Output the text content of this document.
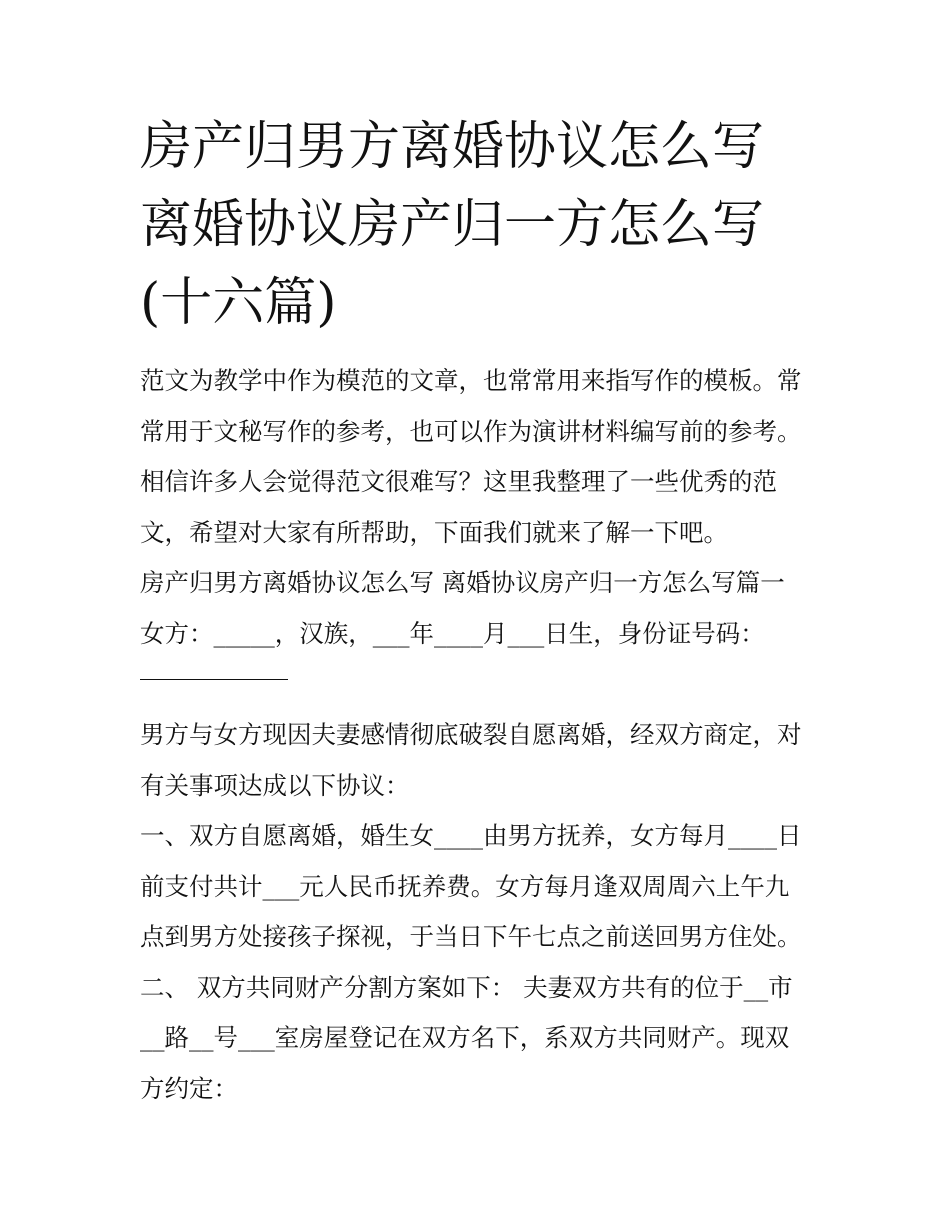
房产归男方离婚协议怎么写 离婚协议房产归一方怎么写(十六篇)

范文为教学中作为模范的文章，也常常用来指写作的模板。常常用于文秘写作的参考，也可以作为演讲材料编写前的参考。相信许多人会觉得范文很难写？这里我整理了一些优秀的范文，希望对大家有所帮助，下面我们就来了解一下吧。

房产归男方离婚协议怎么写 离婚协议房产归一方怎么写篇一

女方：_____，汉族，___年____月___日生，身份证号码：

男方与女方现因夫妻感情彻底破裂自愿离婚，经双方商定，对有关事项达成以下协议：

一、双方自愿离婚，婚生女____由男方抚养，女方每月____日前支付共计___元人民币抚养费。女方每月逢双周周六上午九点到男方处接孩子探视，于当日下午七点之前送回男方住处。

二、 双方共同财产分割方案如下： 夫妻双方共有的位于__市__路__号___室房屋登记在双方名下，系双方共同财产。现双方约定：
